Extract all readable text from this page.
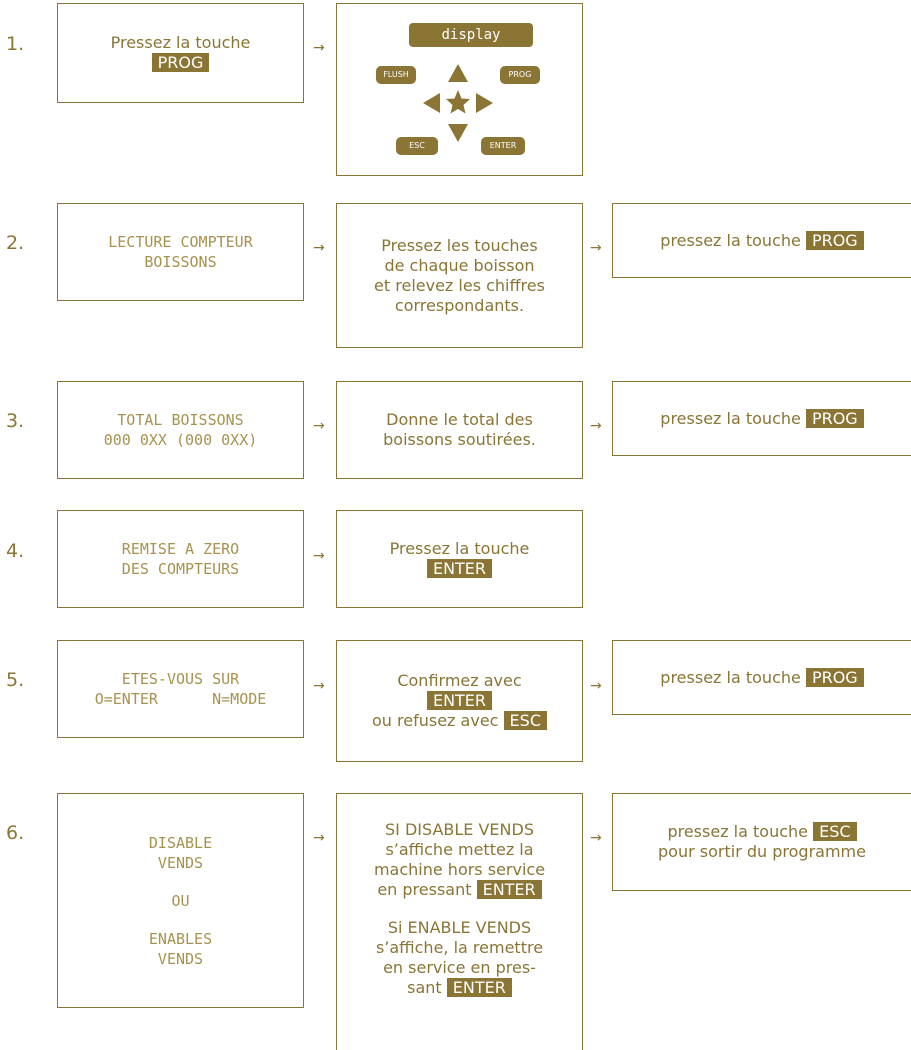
1.	Pressez la touche
PROG
→
display
FLUSH	PROG
ESC	ENTER
2.	LECTURE COMPTEUR
BOISSONS
→	Pressez les touches
de chaque boisson
et relevez les chiffres
correspondants.
→	pressez la touche PROG
3.	TOTAL BOISSONS
000 0XX (000 0XX)
→	Donne le total des
boissons soutirées.
→	pressez la touche PROG
4.	REMISE A ZERO
DES COMPTEURS
→	Pressez la touche
ENTER
5.	ETES-VOUS SUR
O=ENTER      N=MODE
→	Confirmez avec
ENTER
ou refusez avec ESC
→	pressez la touche PROG
6.	DISABLE
VENDS
OU
ENABLES
VENDS
→	SI DISABLE VENDS
s’affiche mettez la
machine hors service
en pressant ENTER
Si ENABLE VENDS
s’affiche, la remettre
en service en pres-
sant ENTER
→	pressez la touche ESC
pour sortir du programme
